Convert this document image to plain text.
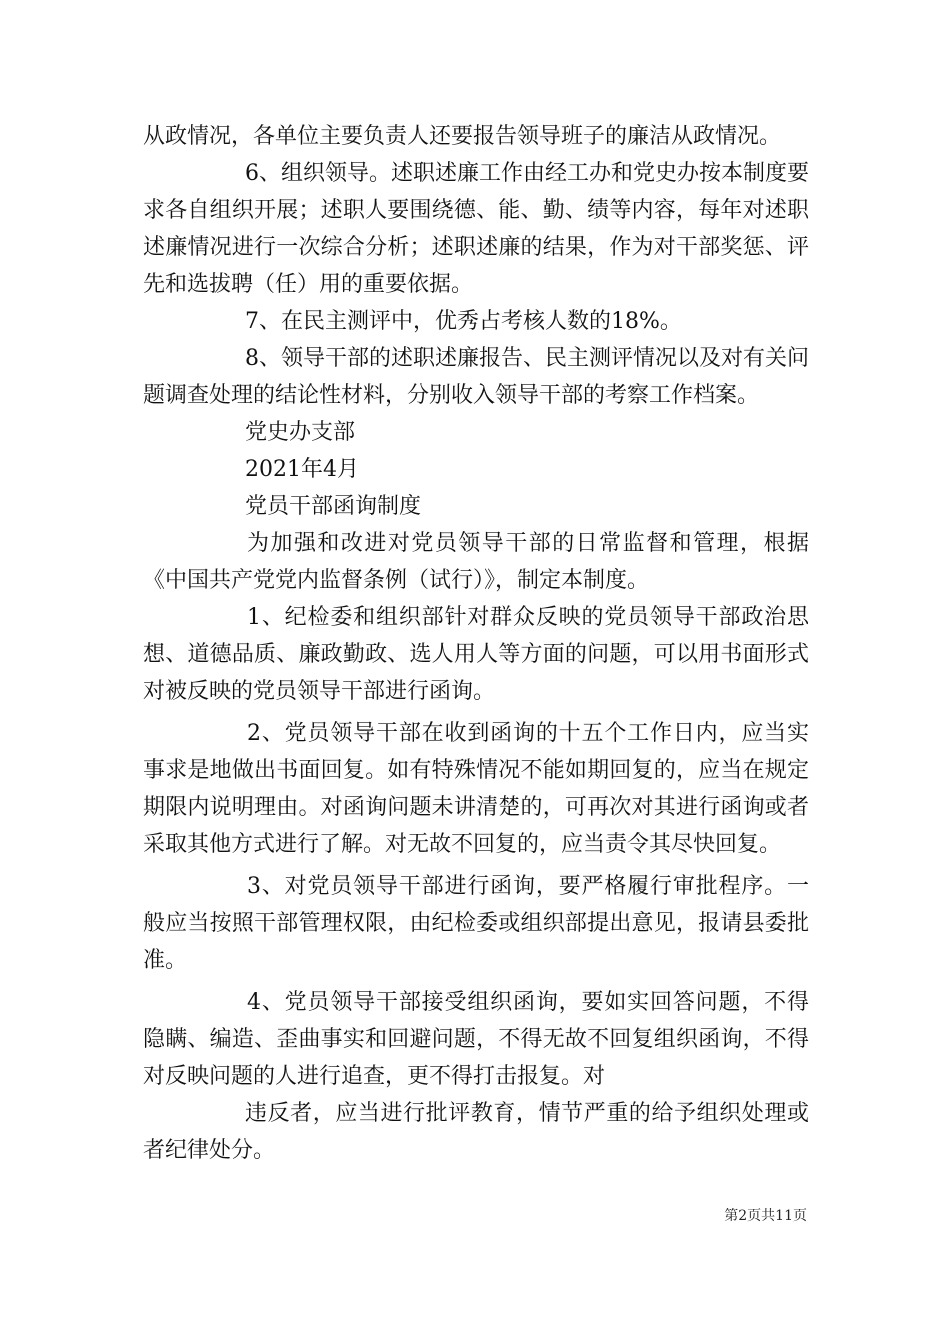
从政情况，各单位主要负责人还要报告领导班子的廉洁从政情况。

6、组织领导。述职述廉工作由经工办和党史办按本制度要求各自组织开展；述职人要围绕德、能、勤、绩等内容，每年对述职述廉情况进行一次综合分析；述职述廉的结果，作为对干部奖惩、评先和选拔聘（任）用的重要依据。

7、在民主测评中，优秀占考核人数的18%。

8、领导干部的述职述廉报告、民主测评情况以及对有关问题调查处理的结论性材料，分别收入领导干部的考察工作档案。

党史办支部

2021年4月

党员干部函询制度

为加强和改进对党员领导干部的日常监督和管理，根据《中国共产党党内监督条例（试行）》，制定本制度。

1、纪检委和组织部针对群众反映的党员领导干部政治思想、道德品质、廉政勤政、选人用人等方面的问题，可以用书面形式对被反映的党员领导干部进行函询。

2、党员领导干部在收到函询的十五个工作日内，应当实事求是地做出书面回复。如有特殊情况不能如期回复的，应当在规定期限内说明理由。对函询问题未讲清楚的，可再次对其进行函询或者采取其他方式进行了解。对无故不回复的，应当责令其尽快回复。

3、对党员领导干部进行函询，要严格履行审批程序。一般应当按照干部管理权限，由纪检委或组织部提出意见，报请县委批准。

4、党员领导干部接受组织函询，要如实回答问题，不得隐瞒、编造、歪曲事实和回避问题，不得无故不回复组织函询，不得对反映问题的人进行追查，更不得打击报复。对

违反者，应当进行批评教育，情节严重的给予组织处理或者纪律处分。

第2页共11页
